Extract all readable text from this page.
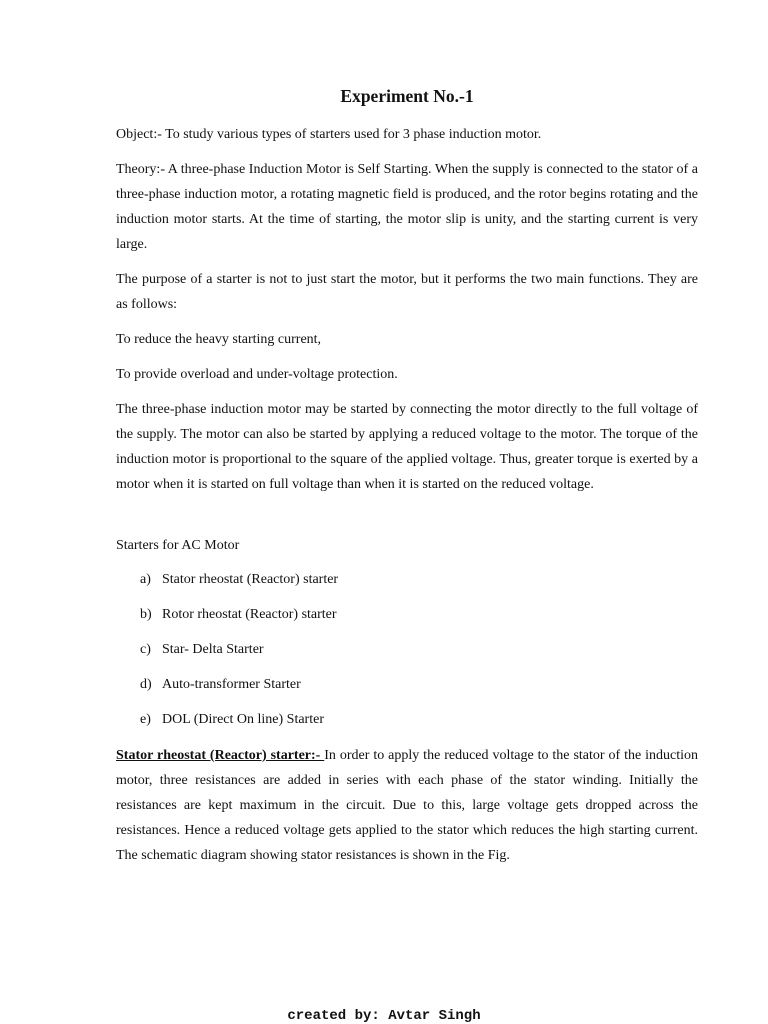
Experiment No.-1

Object:- To study various types of starters used for 3 phase induction motor.

Theory:- A three-phase Induction Motor is Self Starting. When the supply is connected to the stator of a three-phase induction motor, a rotating magnetic field is produced, and the rotor begins rotating and the induction motor starts. At the time of starting, the motor slip is unity, and the starting current is very large.

The purpose of a starter is not to just start the motor, but it performs the two main functions. They are as follows:

To reduce the heavy starting current,

To provide overload and under-voltage protection.

The three-phase induction motor may be started by connecting the motor directly to the full voltage of the supply. The motor can also be started by applying a reduced voltage to the motor. The torque of the induction motor is proportional to the square of the applied voltage. Thus, greater torque is exerted by a motor when it is started on full voltage than when it is started on the reduced voltage.

Starters for AC Motor

a) Stator rheostat (Reactor) starter
b) Rotor rheostat (Reactor) starter
c) Star- Delta Starter
d) Auto-transformer Starter
e) DOL (Direct On line) Starter

Stator rheostat (Reactor) starter:- In order to apply the reduced voltage to the stator of the induction motor, three resistances are added in series with each phase of the stator winding. Initially the resistances are kept maximum in the circuit. Due to this, large voltage gets dropped across the resistances. Hence a reduced voltage gets applied to the stator which reduces the high starting current. The schematic diagram showing stator resistances is shown in the Fig.

created by: Avtar Singh
